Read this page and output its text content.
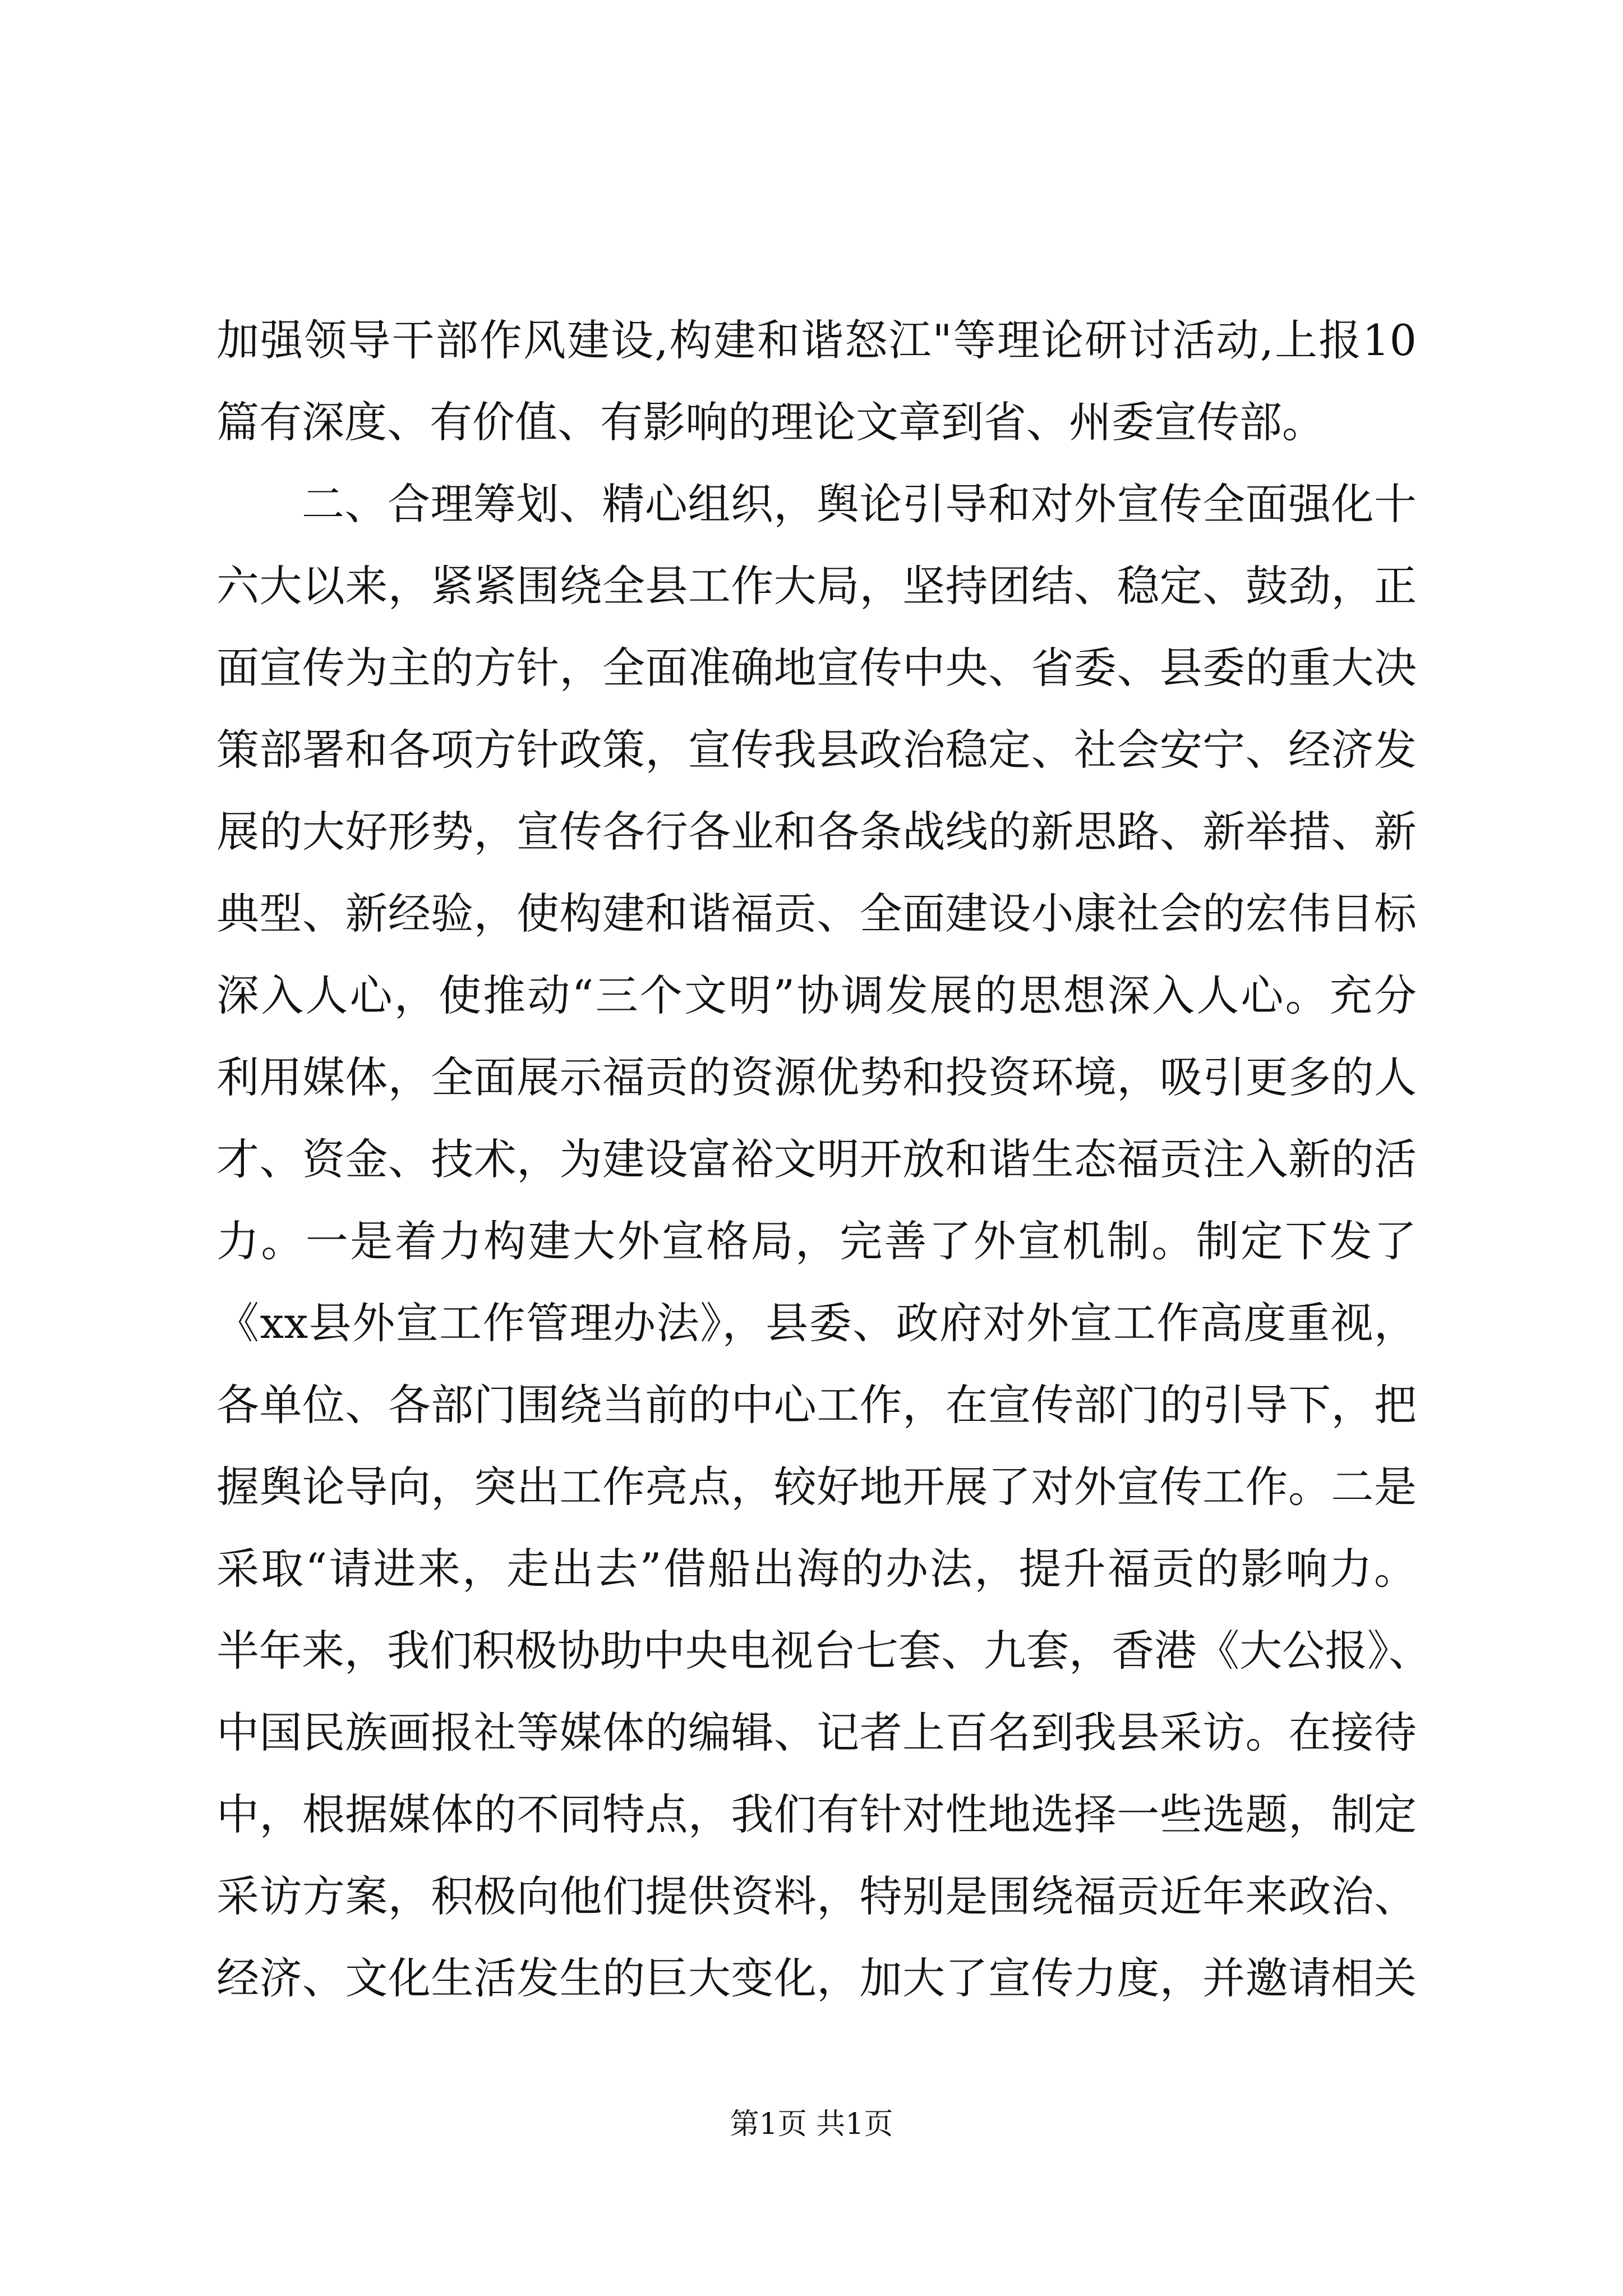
加强领导干部作风建设,构建和谐怒江"等理论研讨活动,上报10
篇有深度、有价值、有影响的理论文章到省、州委宣传部。
二、合理筹划、精心组织，舆论引导和对外宣传全面强化十
六大以来，紧紧围绕全县工作大局，坚持团结、稳定、鼓劲，正
面宣传为主的方针，全面准确地宣传中央、省委、县委的重大决
策部署和各项方针政策，宣传我县政治稳定、社会安宁、经济发
展的大好形势，宣传各行各业和各条战线的新思路、新举措、新
典型、新经验，使构建和谐福贡、全面建设小康社会的宏伟目标
深入人心，使推动“三个文明”协调发展的思想深入人心。充分
利用媒体，全面展示福贡的资源优势和投资环境，吸引更多的人
才、资金、技术，为建设富裕文明开放和谐生态福贡注入新的活
力。一是着力构建大外宣格局，完善了外宣机制。制定下发了
《xx县外宣工作管理办法》，县委、政府对外宣工作高度重视，
各单位、各部门围绕当前的中心工作，在宣传部门的引导下，把
握舆论导向，突出工作亮点，较好地开展了对外宣传工作。二是
采取“请进来，走出去”借船出海的办法，提升福贡的影响力。
半年来，我们积极协助中央电视台七套、九套，香港《大公报》、
中国民族画报社等媒体的编辑、记者上百名到我县采访。在接待
中，根据媒体的不同特点，我们有针对性地选择一些选题，制定
采访方案，积极向他们提供资料，特别是围绕福贡近年来政治、
经济、文化生活发生的巨大变化，加大了宣传力度，并邀请相关
第1页 共1页
